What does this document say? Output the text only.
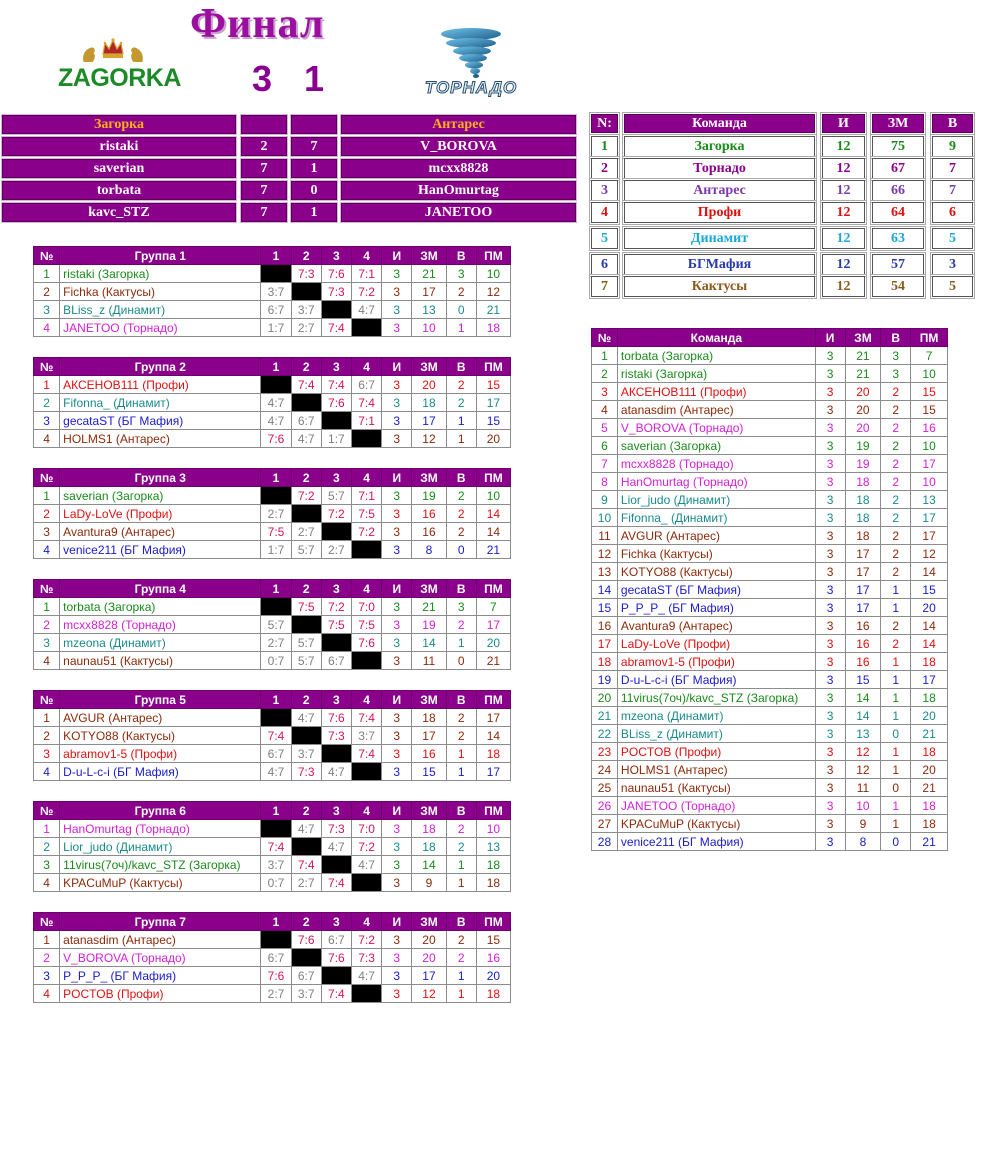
Финал
3 1
ZAGORKA	ТОРНАДО
Загорка	Антарес
ristaki	2	7	V_BOROVA
saverian	7	1	mcxx8828
torbata	7	0	HanOmurtag
kavc_STZ	7	1	JANETOO
N:	Команда	И	ЗМ	В
1	Загорка	12	75	9
2	Торнадо	12	67	7
3	Антарес	12	66	7
4	Профи	12	64	6
5	Динамит	12	63	5
6	БГМафия	12	57	3
7	Кактусы	12	54	5
№	Группа 1	1	2	3	4	И	ЗМ	В	ПМ
1	ristaki (Загорка)		7:3	7:6	7:1	3	21	3	10
2	Fichka (Кактусы)	3:7		7:3	7:2	3	17	2	12
3	BLiss_z (Динамит)	6:7	3:7		4:7	3	13	0	21
4	JANETOO (Торнадо)	1:7	2:7	7:4		3	10	1	18
№	Группа 2	1	2	3	4	И	ЗМ	В	ПМ
1	АКСЕНОВ111 (Профи)		7:4	7:4	6:7	3	20	2	15
2	Fifonna_ (Динамит)	4:7		7:6	7:4	3	18	2	17
3	gecataST (БГ Мафия)	4:7	6:7		7:1	3	17	1	15
4	HOLMS1 (Антарес)	7:6	4:7	1:7		3	12	1	20
№	Группа 3	1	2	3	4	И	ЗМ	В	ПМ
1	saverian (Загорка)		7:2	5:7	7:1	3	19	2	10
2	LaDy-LoVe (Профи)	2:7		7:2	7:5	3	16	2	14
3	Avantura9 (Антарес)	7:5	2:7		7:2	3	16	2	14
4	venice211 (БГ Мафия)	1:7	5:7	2:7		3	8	0	21
№	Группа 4	1	2	3	4	И	ЗМ	В	ПМ
1	torbata (Загорка)		7:5	7:2	7:0	3	21	3	7
2	mcxx8828 (Торнадо)	5:7		7:5	7:5	3	19	2	17
3	mzeona (Динамит)	2:7	5:7		7:6	3	14	1	20
4	naunau51 (Кактусы)	0:7	5:7	6:7		3	11	0	21
№	Группа 5	1	2	3	4	И	ЗМ	В	ПМ
1	AVGUR (Антарес)		4:7	7:6	7:4	3	18	2	17
2	KOTYO88 (Кактусы)	7:4		7:3	3:7	3	17	2	14
3	abramov1-5 (Профи)	6:7	3:7		7:4	3	16	1	18
4	D-u-L-c-i (БГ Мафия)	4:7	7:3	4:7		3	15	1	17
№	Группа 6	1	2	3	4	И	ЗМ	В	ПМ
1	HanOmurtag (Торнадо)		4:7	7:3	7:0	3	18	2	10
2	Lior_judo (Динамит)	7:4		4:7	7:2	3	18	2	13
3	11virus(7оч)/kavc_STZ (Загорка)	3:7	7:4		4:7	3	14	1	18
4	KPACuMuP (Кактусы)	0:7	2:7	7:4		3	9	1	18
№	Группа 7	1	2	3	4	И	ЗМ	В	ПМ
1	atanasdim (Антарес)		7:6	6:7	7:2	3	20	2	15
2	V_BOROVA (Торнадо)	6:7		7:6	7:3	3	20	2	16
3	P_P_P_ (БГ Мафия)	7:6	6:7		4:7	3	17	1	20
4	POCTOB (Профи)	2:7	3:7	7:4		3	12	1	18
№	Команда	И	ЗМ	В	ПМ
1	torbata (Загорка)	3	21	3	7
2	ristaki (Загорка)	3	21	3	10
3	АКСЕНОВ111 (Профи)	3	20	2	15
4	atanasdim (Антарес)	3	20	2	15
5	V_BOROVA (Торнадо)	3	20	2	16
6	saverian (Загорка)	3	19	2	10
7	mcxx8828 (Торнадо)	3	19	2	17
8	HanOmurtag (Торнадо)	3	18	2	10
9	Lior_judo (Динамит)	3	18	2	13
10	Fifonna_ (Динамит)	3	18	2	17
11	AVGUR (Антарес)	3	18	2	17
12	Fichka (Кактусы)	3	17	2	12
13	KOTYO88 (Кактусы)	3	17	2	14
14	gecataST (БГ Мафия)	3	17	1	15
15	P_P_P_ (БГ Мафия)	3	17	1	20
16	Avantura9 (Антарес)	3	16	2	14
17	LaDy-LoVe (Профи)	3	16	2	14
18	abramov1-5 (Профи)	3	16	1	18
19	D-u-L-c-i (БГ Мафия)	3	15	1	17
20	11virus(7оч)/kavc_STZ (Загорка)	3	14	1	18
21	mzeona (Динамит)	3	14	1	20
22	BLiss_z (Динамит)	3	13	0	21
23	POCTOB (Профи)	3	12	1	18
24	HOLMS1 (Антарес)	3	12	1	20
25	naunau51 (Кактусы)	3	11	0	21
26	JANETOO (Торнадо)	3	10	1	18
27	KPACuMuP (Кактусы)	3	9	1	18
28	venice211 (БГ Мафия)	3	8	0	21
